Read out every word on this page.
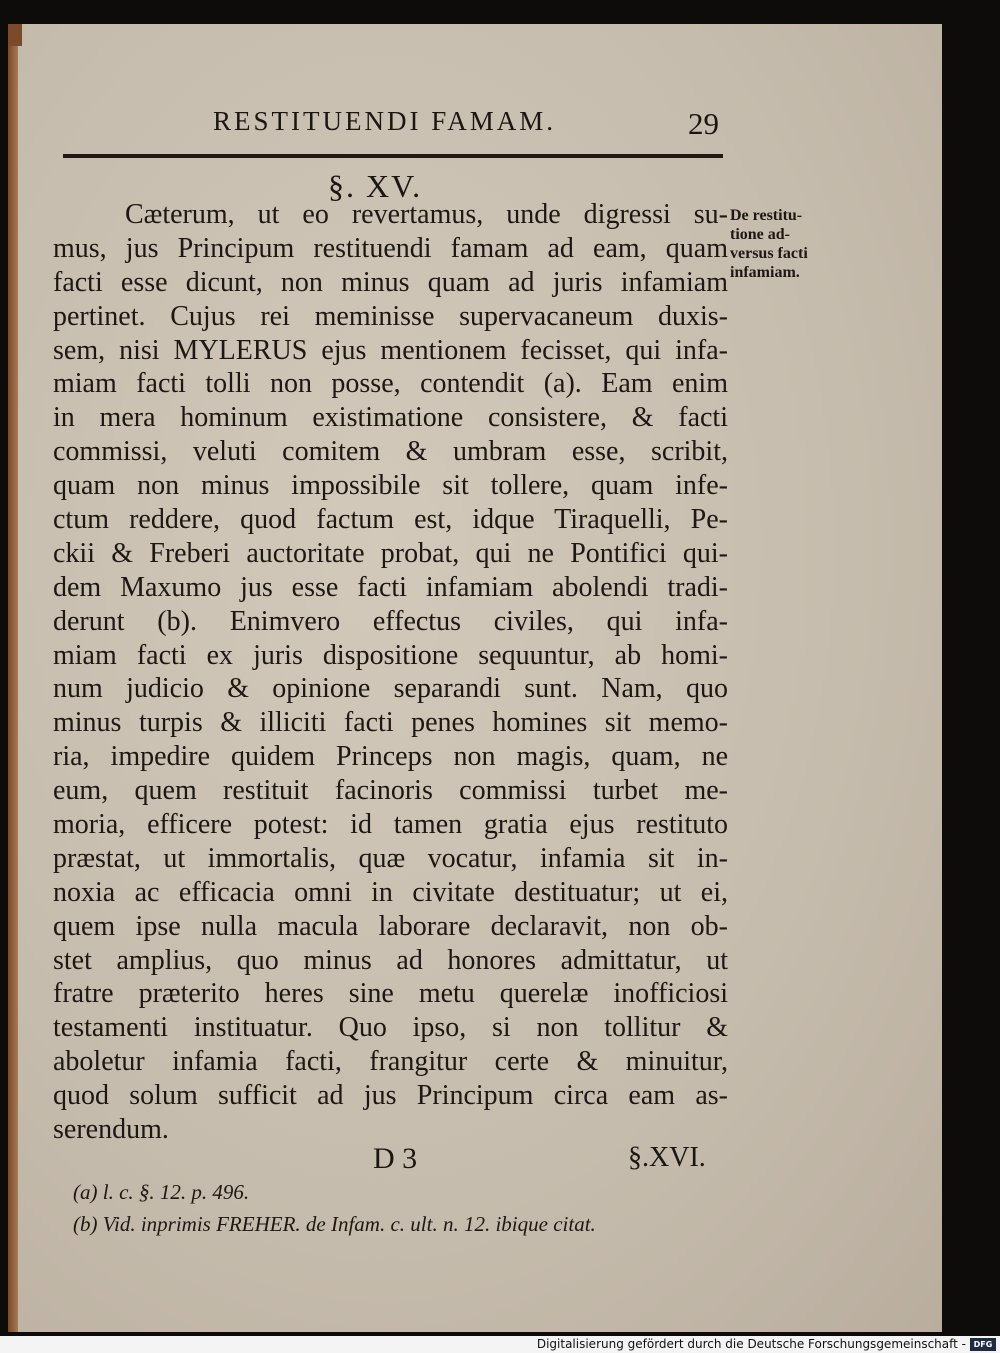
RESTITUENDI FAMAM.	29
§. XV.
Cæterum, ut eo revertamus, unde digressi su-
mus, jus Principum restituendi famam ad eam, quam
facti esse dicunt, non minus quam ad juris infamiam
pertinet. Cujus rei meminisse supervacaneum duxis-
sem, nisi MYLERUS ejus mentionem fecisset, qui infa-
miam facti tolli non posse, contendit (a). Eam enim
in mera hominum existimatione consistere, & facti
commissi, veluti comitem & umbram esse, scribit,
quam non minus impossibile sit tollere, quam infe-
ctum reddere, quod factum est, idque Tiraquelli, Pe-
ckii & Freberi auctoritate probat, qui ne Pontifici qui-
dem Maxumo jus esse facti infamiam abolendi tradi-
derunt (b). Enimvero effectus civiles, qui infa-
miam facti ex juris dispositione sequuntur, ab homi-
num judicio & opinione separandi sunt. Nam, quo
minus turpis & illiciti facti penes homines sit memo-
ria, impedire quidem Princeps non magis, quam, ne
eum, quem restituit facinoris commissi turbet me-
moria, efficere potest: id tamen gratia ejus restituto
præstat, ut immortalis, quæ vocatur, infamia sit in-
noxia ac efficacia omni in civitate destituatur; ut ei,
quem ipse nulla macula laborare declaravit, non ob-
stet amplius, quo minus ad honores admittatur, ut
fratre præterito heres sine metu querelæ inofficiosi
testamenti instituatur. Quo ipso, si non tollitur &
aboletur infamia facti, frangitur certe & minuitur,
quod solum sufficit ad jus Principum circa eam as-
serendum.
De restitu-
tione ad-
versus facti
infamiam.
D 3	§.XVI.
(a) l. c. §. 12. p. 496.
(b) Vid. inprimis FREHER. de Infam. c. ult. n. 12. ibique citat.
Digitalisierung gefördert durch die Deutsche Forschungsgemeinschaft - DFG
